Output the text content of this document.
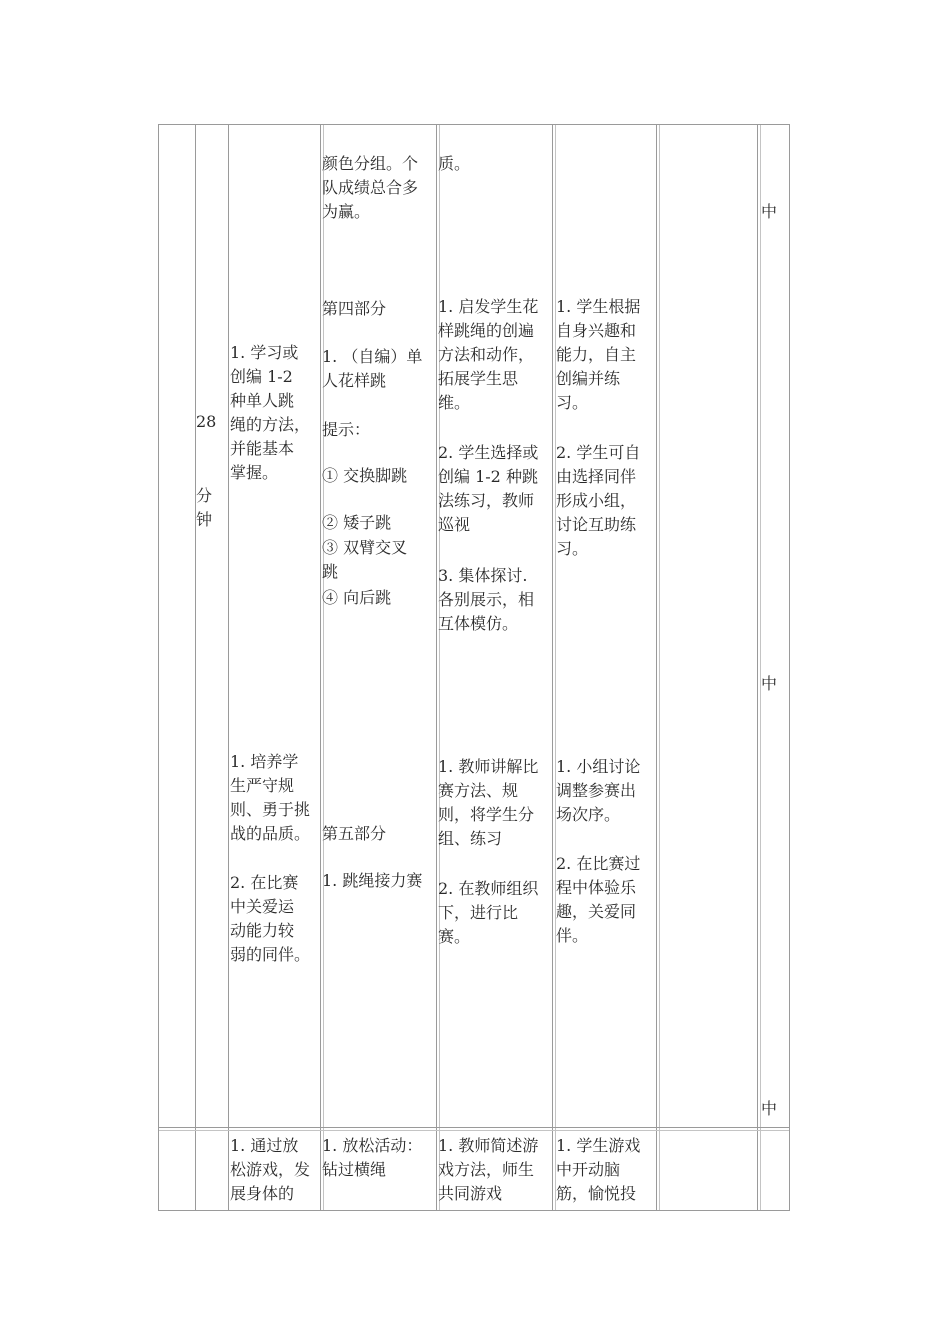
28
分
钟
1. 学习或
创编 1-2
种单人跳
绳的方法，
并能基本
掌握。
1. 培养学
生严守规
则、勇于挑
战的品质。
2. 在比赛
中关爱运
动能力较
弱的同伴。
1. 通过放
松游戏，发
展身体的
颜色分组。个
队成绩总合多
为赢。
第四部分
1. （自编）单
人花样跳
提示：
① 交换脚跳
② 矮子跳
③ 双臂交叉
跳
④ 向后跳
第五部分
1. 跳绳接力赛
1. 放松活动：
钻过横绳
质。
1. 启发学生花
样跳绳的创遍
方法和动作，
拓展学生思
维。
2. 学生选择或
创编 1-2 种跳
法练习，教师
巡视
3. 集体探讨.
各别展示，相
互体模仿。
1. 教师讲解比
赛方法、规
则，将学生分
组、练习
2. 在教师组织
下，进行比
赛。
1. 教师简述游
戏方法，师生
共同游戏
1. 学生根据
自身兴趣和
能力，自主
创编并练
习。
2. 学生可自
由选择同伴
形成小组，
讨论互助练
习。
1. 小组讨论
调整参赛出
场次序。
2. 在比赛过
程中体验乐
趣，关爱同
伴。
1. 学生游戏
中开动脑
筋，愉悦投
中
中
中
